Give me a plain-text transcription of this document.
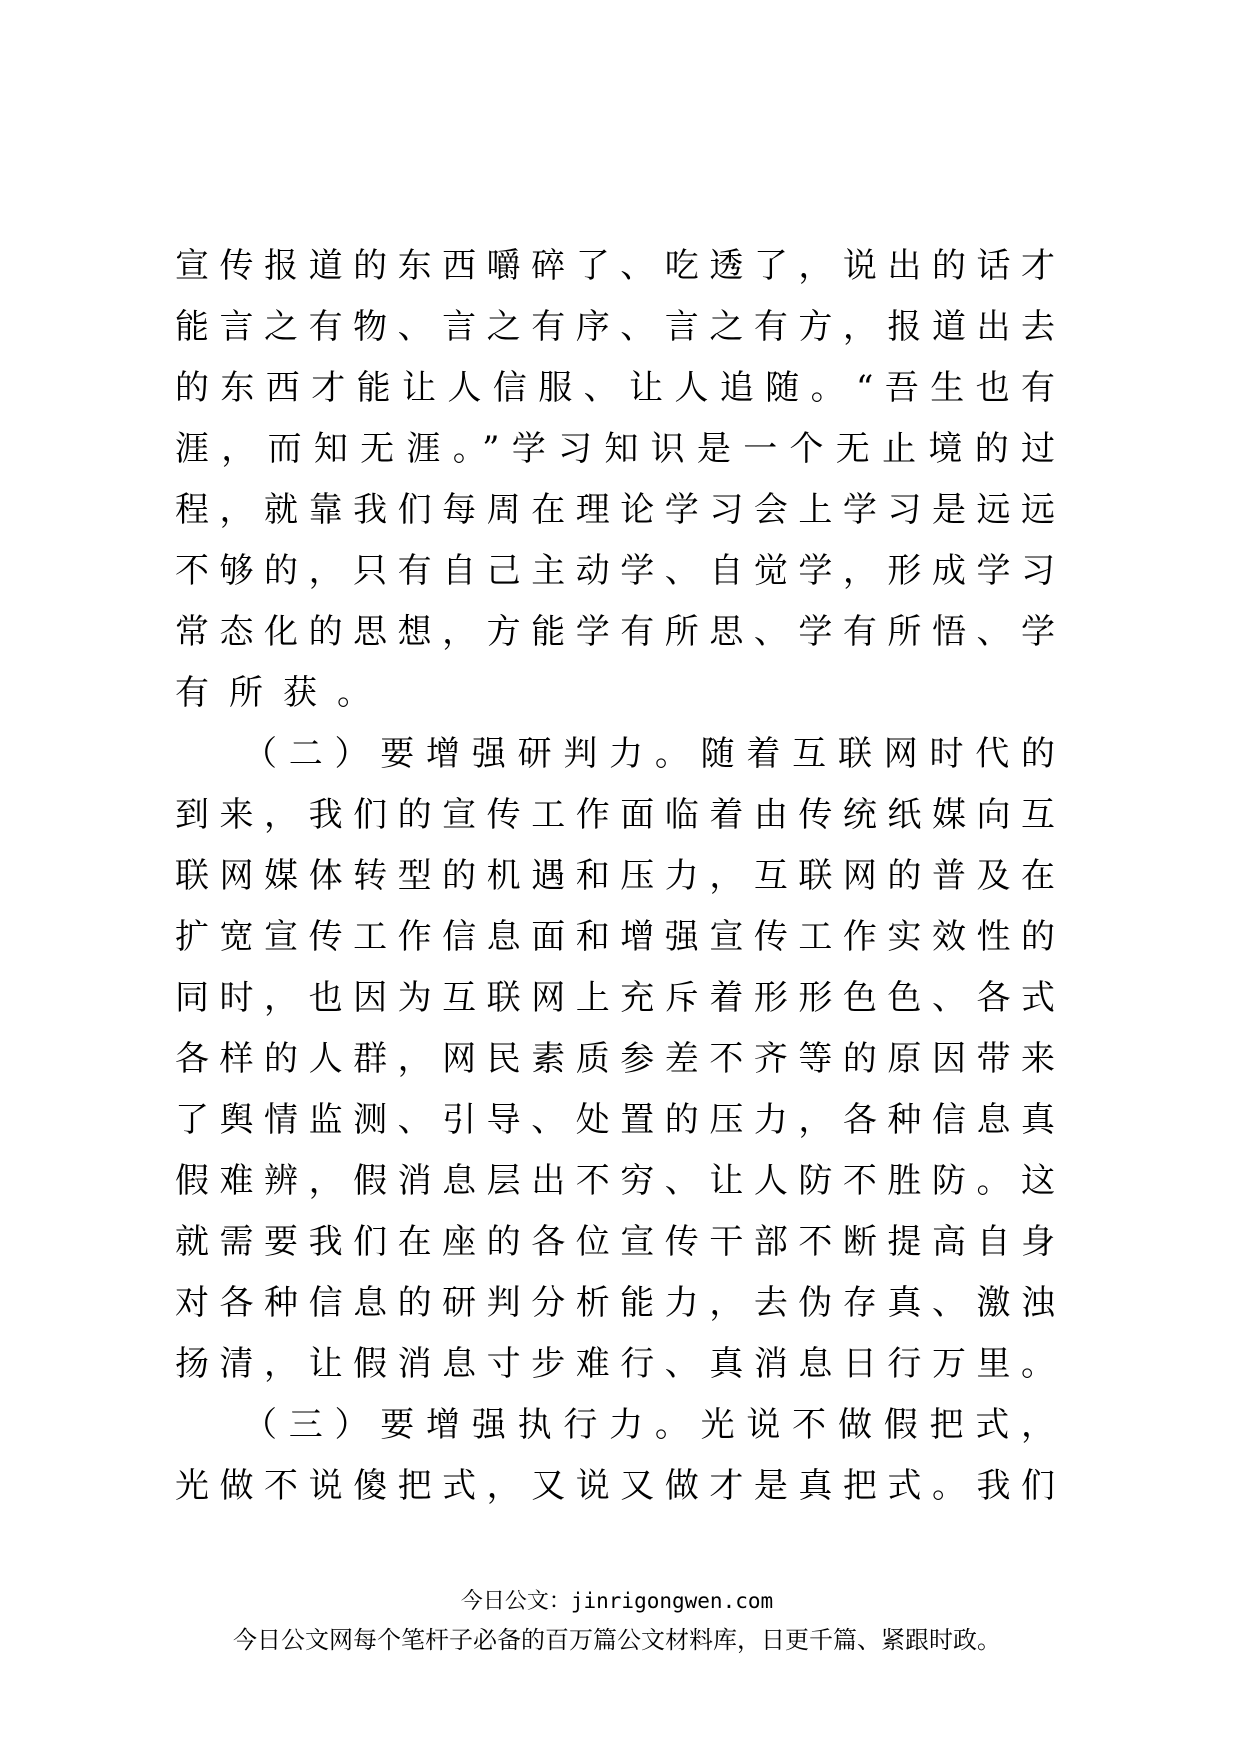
宣传报道的东西嚼碎了、吃透了，说出的话才
能言之有物、言之有序、言之有方，报道出去
的东西才能让人信服、让人追随。“吾生也有
涯，而知无涯。”学习知识是一个无止境的过
程，就靠我们每周在理论学习会上学习是远远
不够的，只有自己主动学、自觉学，形成学习
常态化的思想，方能学有所思、学有所悟、学
有所获。
（二）要增强研判力。随着互联网时代的
到来，我们的宣传工作面临着由传统纸媒向互
联网媒体转型的机遇和压力，互联网的普及在
扩宽宣传工作信息面和增强宣传工作实效性的
同时，也因为互联网上充斥着形形色色、各式
各样的人群，网民素质参差不齐等的原因带来
了舆情监测、引导、处置的压力，各种信息真
假难辨，假消息层出不穷、让人防不胜防。这
就需要我们在座的各位宣传干部不断提高自身
对各种信息的研判分析能力，去伪存真、激浊
扬清，让假消息寸步难行、真消息日行万里。
（三）要增强执行力。光说不做假把式，
光做不说傻把式，又说又做才是真把式。我们
今日公文：jinrigongwen.com
今日公文网每个笔杆子必备的百万篇公文材料库，日更千篇、紧跟时政。
